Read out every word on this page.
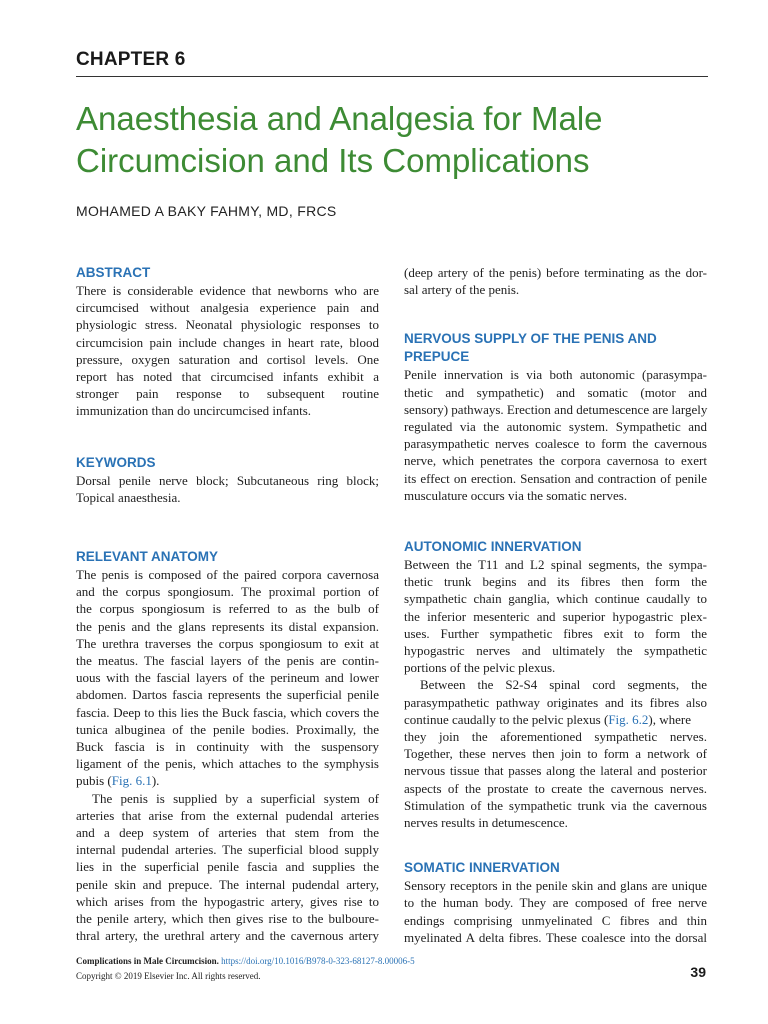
CHAPTER 6
Anaesthesia and Analgesia for Male
Circumcision and Its Complications
MOHAMED A BAKY FAHMY, MD, FRCS
ABSTRACT
There is considerable evidence that newborns who are
circumcised without analgesia experience pain and
physiologic stress. Neonatal physiologic responses to
circumcision pain include changes in heart rate, blood
pressure, oxygen saturation and cortisol levels. One
report has noted that circumcised infants exhibit a
stronger pain response to subsequent routine
immunization than do uncircumcised infants.
KEYWORDS
Dorsal penile nerve block; Subcutaneous ring block;
Topical anaesthesia.
RELEVANT ANATOMY
The penis is composed of the paired corpora cavernosa
and the corpus spongiosum. The proximal portion of
the corpus spongiosum is referred to as the bulb of
the penis and the glans represents its distal expansion.
The urethra traverses the corpus spongiosum to exit at
the meatus. The fascial layers of the penis are contin-
uous with the fascial layers of the perineum and lower
abdomen. Dartos fascia represents the superficial penile
fascia. Deep to this lies the Buck fascia, which covers the
tunica albuginea of the penile bodies. Proximally, the
Buck fascia is in continuity with the suspensory
ligament of the penis, which attaches to the symphysis
pubis (Fig. 6.1).
The penis is supplied by a superficial system of
arteries that arise from the external pudendal arteries
and a deep system of arteries that stem from the
internal pudendal arteries. The superficial blood supply
lies in the superficial penile fascia and supplies the
penile skin and prepuce. The internal pudendal artery,
which arises from the hypogastric artery, gives rise to
the penile artery, which then gives rise to the bulboure-
thral artery, the urethral artery and the cavernous artery
(deep artery of the penis) before terminating as the dor-
sal artery of the penis.
NERVOUS SUPPLY OF THE PENIS AND
PREPUCE
Penile innervation is via both autonomic (parasympa-
thetic and sympathetic) and somatic (motor and
sensory) pathways. Erection and detumescence are largely
regulated via the autonomic system. Sympathetic and
parasympathetic nerves coalesce to form the cavernous
nerve, which penetrates the corpora cavernosa to exert
its effect on erection. Sensation and contraction of penile
musculature occurs via the somatic nerves.
AUTONOMIC INNERVATION
Between the T11 and L2 spinal segments, the sympa-
thetic trunk begins and its fibres then form the
sympathetic chain ganglia, which continue caudally to
the inferior mesenteric and superior hypogastric plex-
uses. Further sympathetic fibres exit to form the
hypogastric nerves and ultimately the sympathetic
portions of the pelvic plexus.
Between the S2-S4 spinal cord segments, the
parasympathetic pathway originates and its fibres also
continue caudally to the pelvic plexus (Fig. 6.2), where
they join the aforementioned sympathetic nerves.
Together, these nerves then join to form a network of
nervous tissue that passes along the lateral and posterior
aspects of the prostate to create the cavernous nerves.
Stimulation of the sympathetic trunk via the cavernous
nerves results in detumescence.
SOMATIC INNERVATION
Sensory receptors in the penile skin and glans are unique
to the human body. They are composed of free nerve
endings comprising unmyelinated C fibres and thin
myelinated A delta fibres. These coalesce into the dorsal
Complications in Male Circumcision. https://doi.org/10.1016/B978-0-323-68127-8.00006-5
Copyright © 2019 Elsevier Inc. All rights reserved.	39
